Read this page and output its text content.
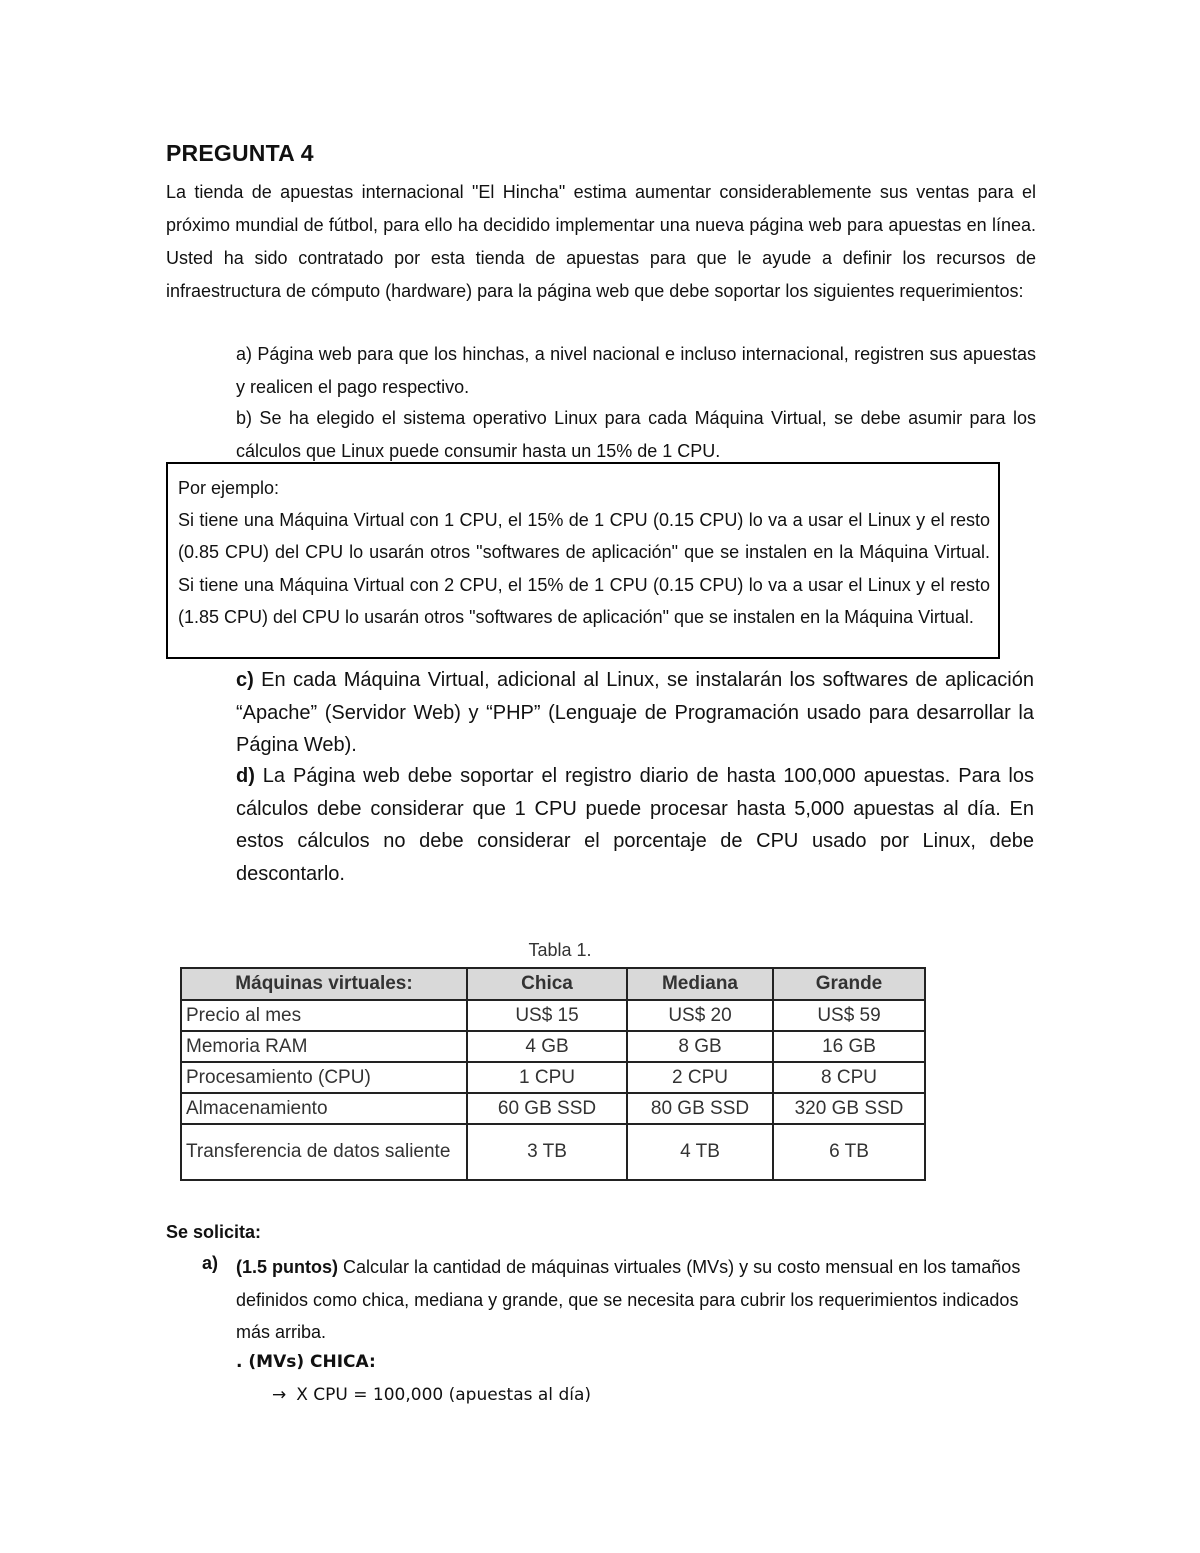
PREGUNTA 4
La tienda de apuestas internacional "El Hincha" estima aumentar considerablemente sus ventas para el próximo mundial de fútbol, para ello ha decidido implementar una nueva página web para apuestas en línea. Usted ha sido contratado por esta tienda de apuestas para que le ayude a definir los recursos de infraestructura de cómputo (hardware) para la página web que debe soportar los siguientes requerimientos:
a) Página web para que los hinchas, a nivel nacional e incluso internacional, registren sus apuestas y realicen el pago respectivo.
b) Se ha elegido el sistema operativo Linux para cada Máquina Virtual, se debe asumir para los cálculos que Linux puede consumir hasta un 15% de 1 CPU.
Por ejemplo:
Si tiene una Máquina Virtual con 1 CPU, el 15% de 1 CPU (0.15 CPU) lo va a usar el Linux y el resto (0.85 CPU) del CPU lo usarán otros "softwares de aplicación" que se instalen en la Máquina Virtual. Si tiene una Máquina Virtual con 2 CPU, el 15% de 1 CPU (0.15 CPU) lo va a usar el Linux y el resto (1.85 CPU) del CPU lo usarán otros "softwares de aplicación" que se instalen en la Máquina Virtual.
c) En cada Máquina Virtual, adicional al Linux, se instalarán los softwares de aplicación “Apache” (Servidor Web) y “PHP” (Lenguaje de Programación usado para desarrollar la Página Web).
d) La Página web debe soportar el registro diario de hasta 100,000 apuestas. Para los cálculos debe considerar que 1 CPU puede procesar hasta 5,000 apuestas al día. En estos cálculos no debe considerar el porcentaje de CPU usado por Linux, debe descontarlo.
Tabla 1.
Máquinas virtuales:	Chica	Mediana	Grande
Precio al mes	US$ 15	US$ 20	US$ 59
Memoria RAM	4 GB	8 GB	16 GB
Procesamiento (CPU)	1 CPU	2 CPU	8 CPU
Almacenamiento	60 GB SSD	80 GB SSD	320 GB SSD
Transferencia de datos saliente	3 TB	4 TB	6 TB
Se solicita:
a) (1.5 puntos) Calcular la cantidad de máquinas virtuales (MVs) y su costo mensual en los tamaños definidos como chica, mediana y grande, que se necesita para cubrir los requerimientos indicados más arriba.
. (MVs) CHICA:
→ X CPU = 100,000 (apuestas al día)
